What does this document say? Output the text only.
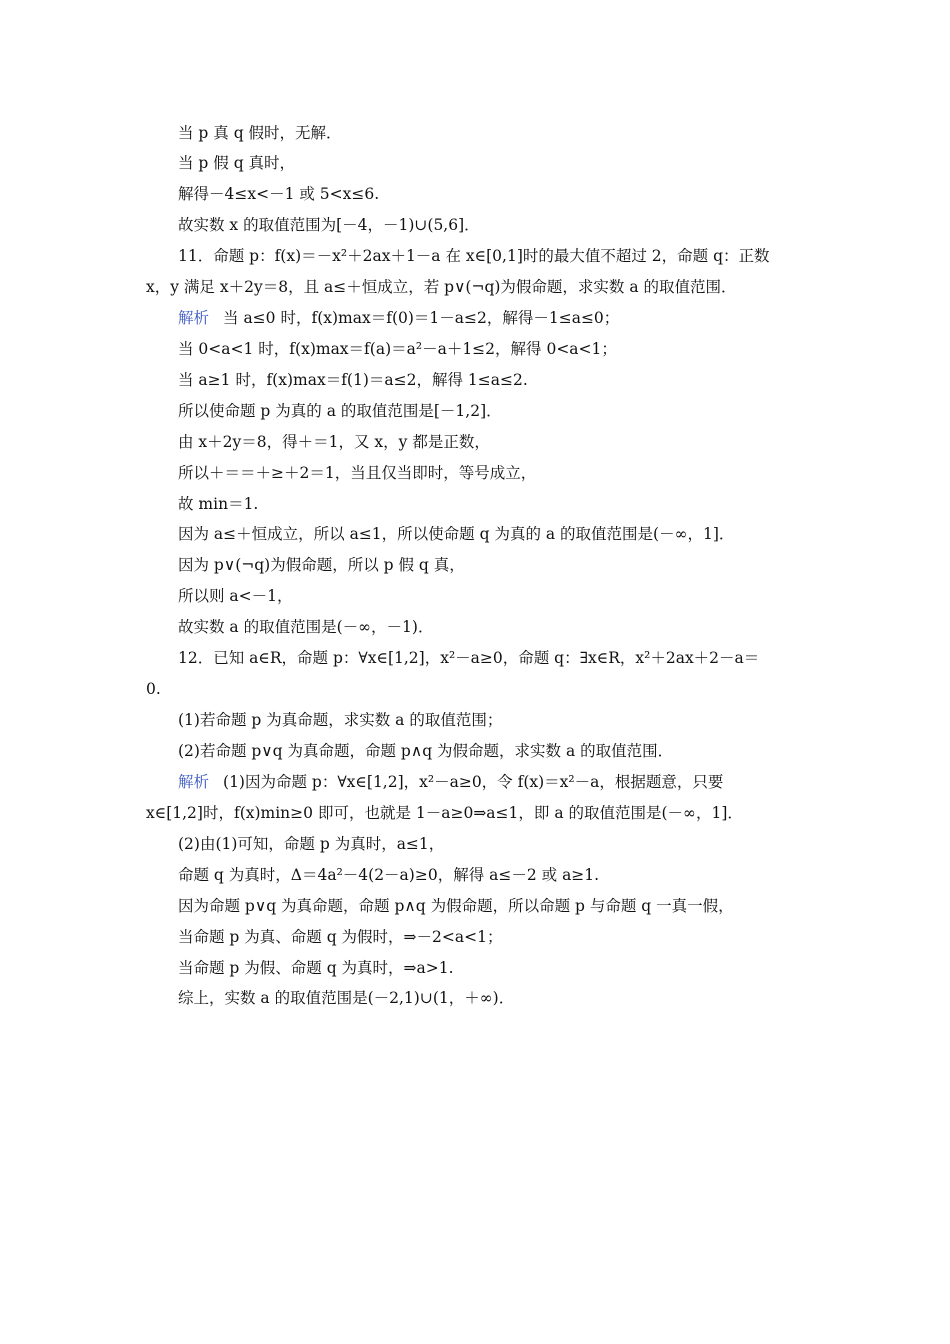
当 p 真 q 假时，无解．
当 p 假 q 真时，
解得－4≤x<－1 或 5<x≤6.
故实数 x 的取值范围为[－4，－1)∪(5,6]．
11．命题 p：f(x)＝－x²＋2ax＋1－a 在 x∈[0,1]时的最大值不超过 2，命题 q：正数
x，y 满足 x＋2y＝8，且 a≤＋恒成立，若 p∨(¬q)为假命题，求实数 a 的取值范围．
解析 当 a≤0 时，f(x)max＝f(0)＝1－a≤2，解得－1≤a≤0；
当 0<a<1 时，f(x)max＝f(a)＝a²－a＋1≤2，解得 0<a<1；
当 a≥1 时，f(x)max＝f(1)＝a≤2，解得 1≤a≤2.
所以使命题 p 为真的 a 的取值范围是[－1,2]．
由 x＋2y＝8，得＋＝1，又 x，y 都是正数，
所以＋＝＝＋≥＋2＝1，当且仅当即时，等号成立，
故 min＝1.
因为 a≤＋恒成立，所以 a≤1，所以使命题 q 为真的 a 的取值范围是(－∞，1]．
因为 p∨(¬q)为假命题，所以 p 假 q 真，
所以则 a<－1，
故实数 a 的取值范围是(－∞，－1)．
12．已知 a∈R，命题 p：∀x∈[1,2]，x²－a≥0，命题 q：∃x∈R，x²＋2ax＋2－a＝
0.
(1)若命题 p 为真命题，求实数 a 的取值范围；
(2)若命题 p∨q 为真命题，命题 p∧q 为假命题，求实数 a 的取值范围．
解析 (1)因为命题 p：∀x∈[1,2]，x²－a≥0，令 f(x)＝x²－a，根据题意，只要
x∈[1,2]时，f(x)min≥0 即可，也就是 1－a≥0⇒a≤1，即 a 的取值范围是(－∞，1]．
(2)由(1)可知，命题 p 为真时，a≤1，
命题 q 为真时，Δ＝4a²－4(2－a)≥0，解得 a≤－2 或 a≥1.
因为命题 p∨q 为真命题，命题 p∧q 为假命题，所以命题 p 与命题 q 一真一假，
当命题 p 为真、命题 q 为假时，⇒－2<a<1；
当命题 p 为假、命题 q 为真时，⇒a>1.
综上，实数 a 的取值范围是(－2,1)∪(1，＋∞)．
